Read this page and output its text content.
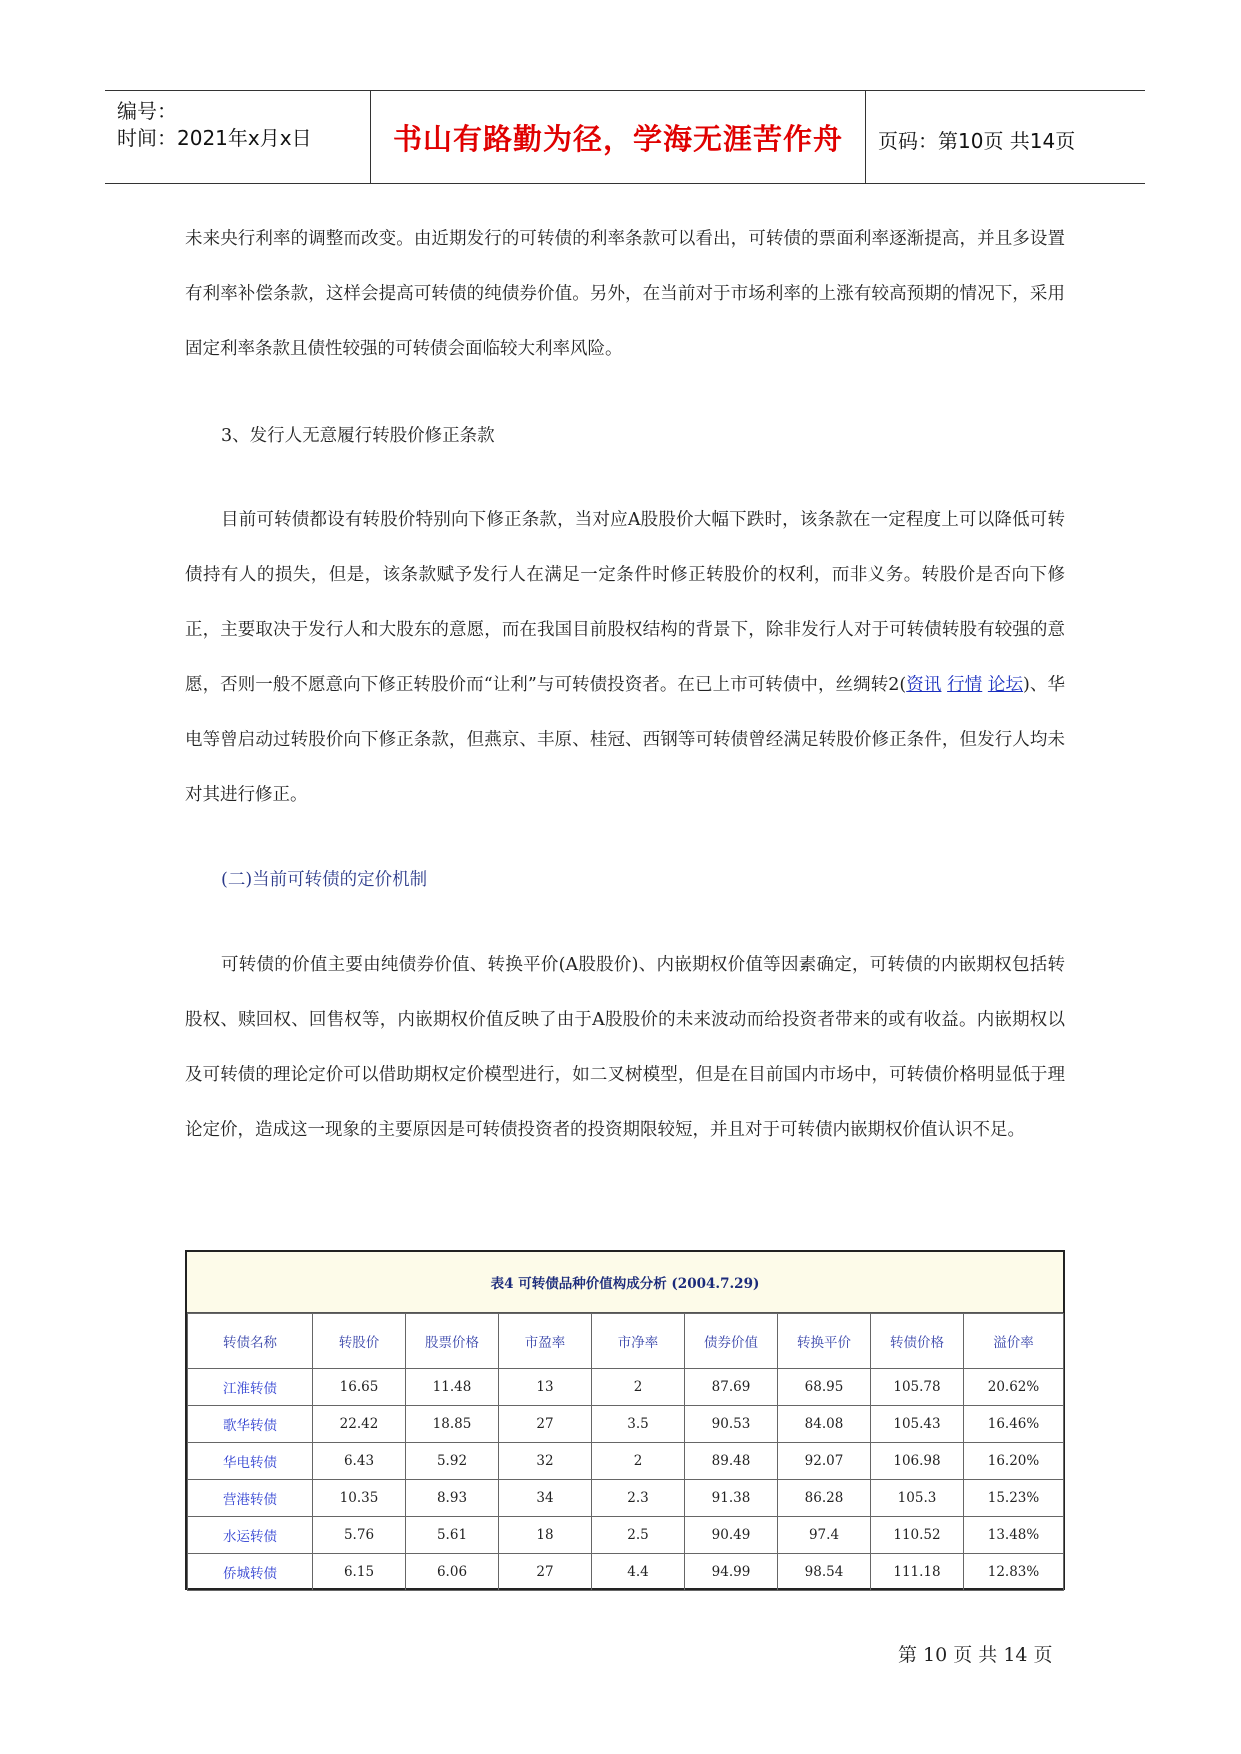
编号：
时间：2021年x月x日	书山有路勤为径，学海无涯苦作舟	页码：第10页 共14页

未来央行利率的调整而改变。由近期发行的可转债的利率条款可以看出，可转债的票面利率逐渐提高，并且多设置有利率补偿条款，这样会提高可转债的纯债券价值。另外，在当前对于市场利率的上涨有较高预期的情况下，采用固定利率条款且债性较强的可转债会面临较大利率风险。

3、发行人无意履行转股价修正条款

目前可转债都设有转股价特别向下修正条款，当对应A股股价大幅下跌时，该条款在一定程度上可以降低可转债持有人的损失，但是，该条款赋予发行人在满足一定条件时修正转股价的权利，而非义务。转股价是否向下修正，主要取决于发行人和大股东的意愿，而在我国目前股权结构的背景下，除非发行人对于可转债转股有较强的意愿，否则一般不愿意向下修正转股价而“让利”与可转债投资者。在已上市可转债中，丝绸转2(资讯 行情 论坛)、华电等曾启动过转股价向下修正条款，但燕京、丰原、桂冠、西钢等可转债曾经满足转股价修正条件，但发行人均未对其进行修正。

(二)当前可转债的定价机制

可转债的价值主要由纯债券价值、转换平价(A股股价)、内嵌期权价值等因素确定，可转债的内嵌期权包括转股权、赎回权、回售权等，内嵌期权价值反映了由于A股股价的未来波动而给投资者带来的或有收益。内嵌期权以及可转债的理论定价可以借助期权定价模型进行，如二叉树模型，但是在目前国内市场中，可转债价格明显低于理论定价，造成这一现象的主要原因是可转债投资者的投资期限较短，并且对于可转债内嵌期权价值认识不足。

表4 可转债品种价值构成分析 (2004.7.29)
转债名称	转股价	股票价格	市盈率	市净率	债券价值	转换平价	转债价格	溢价率
江淮转债	16.65	11.48	13	2	87.69	68.95	105.78	20.62%
歌华转债	22.42	18.85	27	3.5	90.53	84.08	105.43	16.46%
华电转债	6.43	5.92	32	2	89.48	92.07	106.98	16.20%
营港转债	10.35	8.93	34	2.3	91.38	86.28	105.3	15.23%
水运转债	5.76	5.61	18	2.5	90.49	97.4	110.52	13.48%
侨城转债	6.15	6.06	27	4.4	94.99	98.54	111.18	12.83%
第 10 页 共 14 页
